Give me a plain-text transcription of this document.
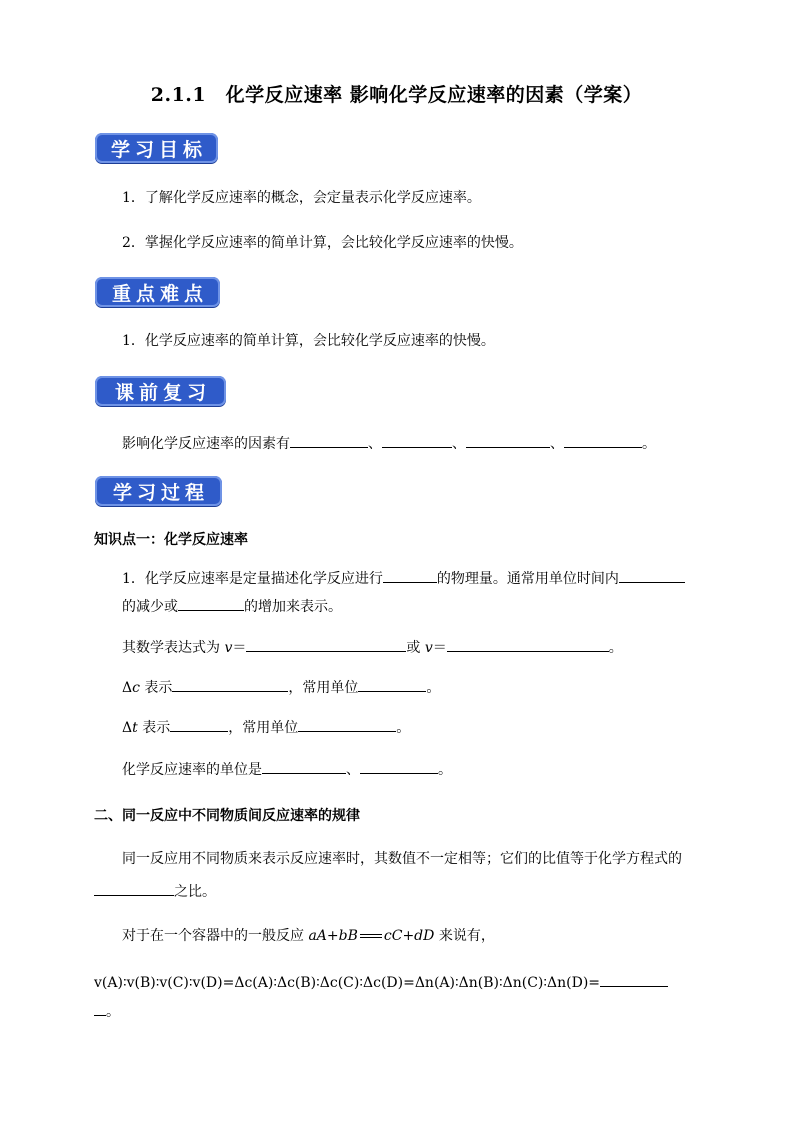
2.1.1　化学反应速率 影响化学反应速率的因素（学案）
学习目标
1．了解化学反应速率的概念，会定量表示化学反应速率。
2．掌握化学反应速率的简单计算，会比较化学反应速率的快慢。
重点难点
1．化学反应速率的简单计算，会比较化学反应速率的快慢。
课前复习
影响化学反应速率的因素有	、	、	、	。
学习过程
知识点一：化学反应速率
1．化学反应速率是定量描述化学反应进行	的物理量。通常用单位时间内
的减少或	的增加来表示。
其数学表达式为 v＝	或 v＝	。
Δc 表示	，常用单位	。
Δt 表示	，常用单位	。
化学反应速率的单位是	、	。
二、同一反应中不同物质间反应速率的规律
同一反应用不同物质来表示反应速率时，其数值不一定相等；它们的比值等于化学方程式的
之比。
对于在一个容器中的一般反应 aA+bB cC+dD 来说有，
v(A)∶v(B)∶v(C)∶v(D)=Δc(A)∶Δc(B)∶Δc(C)∶Δc(D)=Δn(A)∶Δn(B)∶Δn(C)∶Δn(D)=
。
